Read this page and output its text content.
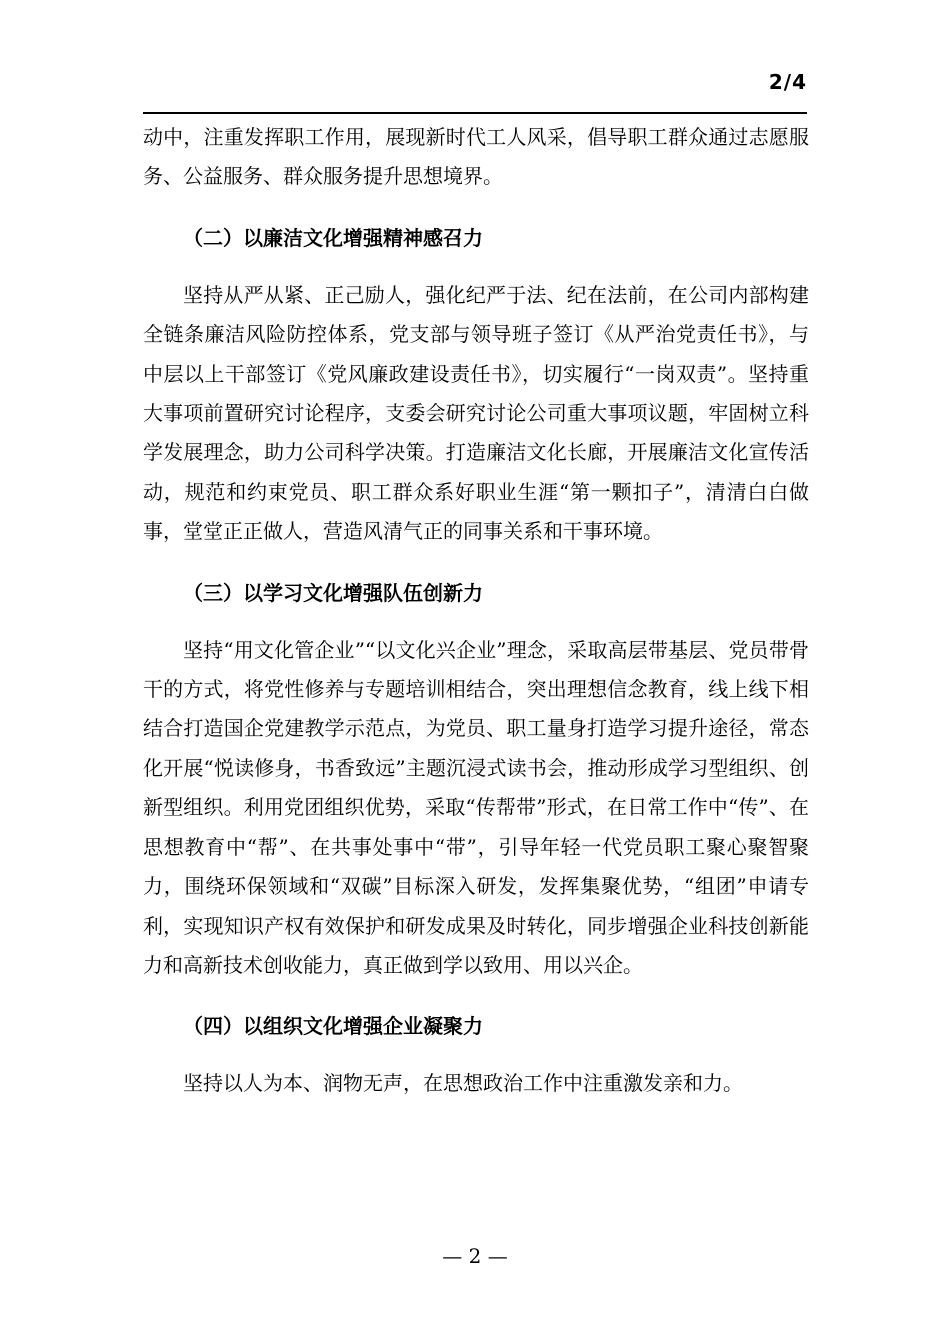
2/4

动中，注重发挥职工作用，展现新时代工人风采，倡导职工群众通过志愿服务、公益服务、群众服务提升思想境界。

（二）以廉洁文化增强精神感召力

坚持从严从紧、正己励人，强化纪严于法、纪在法前，在公司内部构建全链条廉洁风险防控体系，党支部与领导班子签订《从严治党责任书》，与中层以上干部签订《党风廉政建设责任书》，切实履行“一岗双责”。坚持重大事项前置研究讨论程序，支委会研究讨论公司重大事项议题，牢固树立科学发展理念，助力公司科学决策。打造廉洁文化长廊，开展廉洁文化宣传活动，规范和约束党员、职工群众系好职业生涯“第一颗扣子”，清清白白做事，堂堂正正做人，营造风清气正的同事关系和干事环境。

（三）以学习文化增强队伍创新力

坚持“用文化管企业”“以文化兴企业”理念，采取高层带基层、党员带骨干的方式，将党性修养与专题培训相结合，突出理想信念教育，线上线下相结合打造国企党建教学示范点，为党员、职工量身打造学习提升途径，常态化开展“悦读修身，书香致远”主题沉浸式读书会，推动形成学习型组织、创新型组织。利用党团组织优势，采取“传帮带”形式，在日常工作中“传”、在思想教育中“帮”、在共事处事中“带”，引导年轻一代党员职工聚心聚智聚力，围绕环保领域和“双碳”目标深入研发，发挥集聚优势，“组团”申请专利，实现知识产权有效保护和研发成果及时转化，同步增强企业科技创新能力和高新技术创收能力，真正做到学以致用、用以兴企。

（四）以组织文化增强企业凝聚力

坚持以人为本、润物无声，在思想政治工作中注重激发亲和力。

— 2 —
